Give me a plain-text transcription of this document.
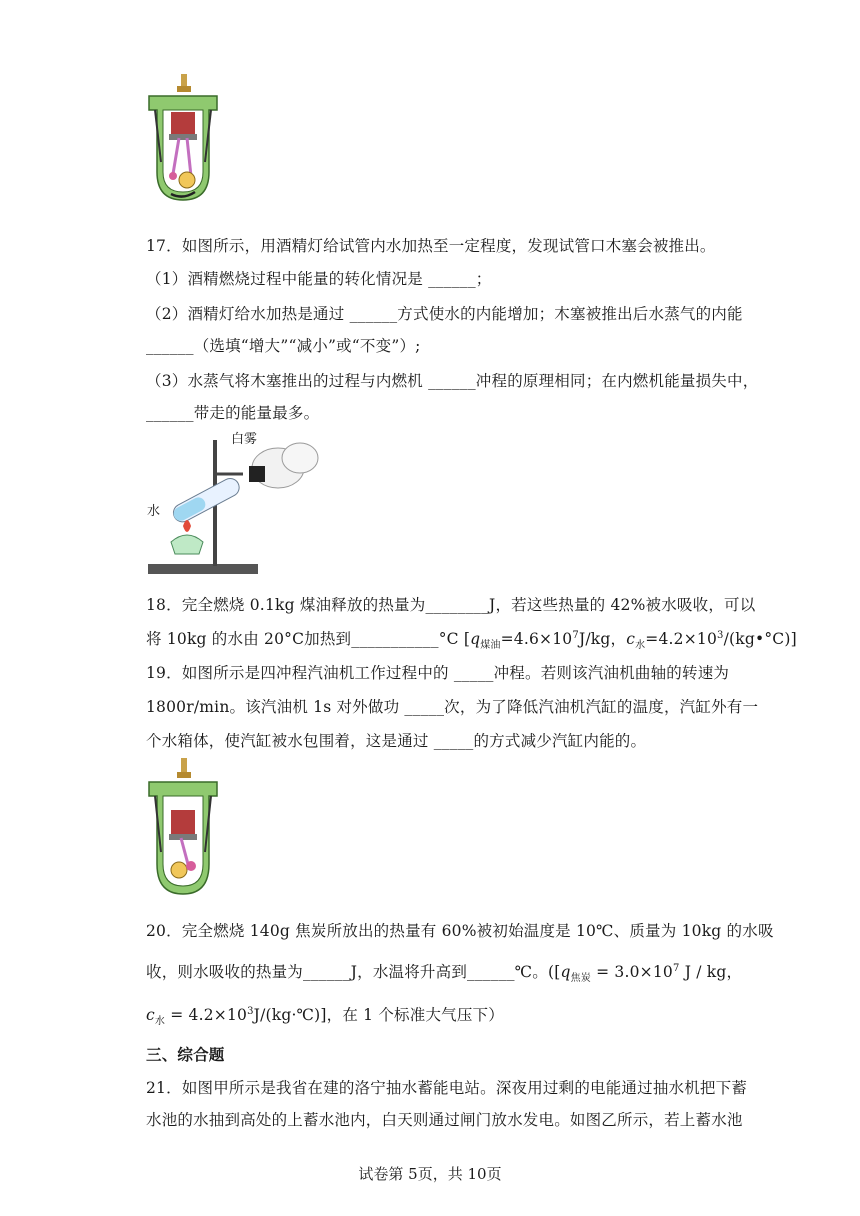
17．如图所示，用酒精灯给试管内水加热至一定程度，发现试管口木塞会被推出。
（1）酒精燃烧过程中能量的转化情况是 ______；
（2）酒精灯给水加热是通过 ______方式使水的内能增加；木塞被推出后水蒸气的内能
______（选填“增大”“减小”或“不变”）;
（3）水蒸气将木塞推出的过程与内燃机 ______冲程的原理相同；在内燃机能量损失中，
______带走的能量最多。
白雾
水
18．完全燃烧 0.1kg 煤油释放的热量为________J，若这些热量的 42%被水吸收，可以
将 10kg 的水由 20°C加热到___________°C [$q_{煤油}=4.6\times 10^7J/kg$，$c_水=4.2\times 10^3/(kg•^\circ C)$]
19．如图所示是四冲程汽油机工作过程中的 _____冲程。若则该汽油机曲轴的转速为
1800r/min。该汽油机 1s 对外做功 _____次，为了降低汽油机汽缸的温度，汽缸外有一
个水箱体，使汽缸被水包围着，这是通过 _____的方式减少汽缸内能的。
20．完全燃烧 140g 焦炭所放出的热量有 60%被初始温度是 10℃、质量为 10kg 的水吸
收，则水吸收的热量为______J，水温将升高到______℃。([$q_{焦炭} = 3.0\times 10^7$ J / kg，
$c_水$ = $4.2\times 10^3J/(kg\cdot℃)$]，在 1 个标准大气压下）
三、综合题
21．如图甲所示是我省在建的洛宁抽水蓄能电站。深夜用过剩的电能通过抽水机把下蓄
水池的水抽到高处的上蓄水池内，白天则通过闸门放水发电。如图乙所示，若上蓄水池
试卷第 5页，共 10页
